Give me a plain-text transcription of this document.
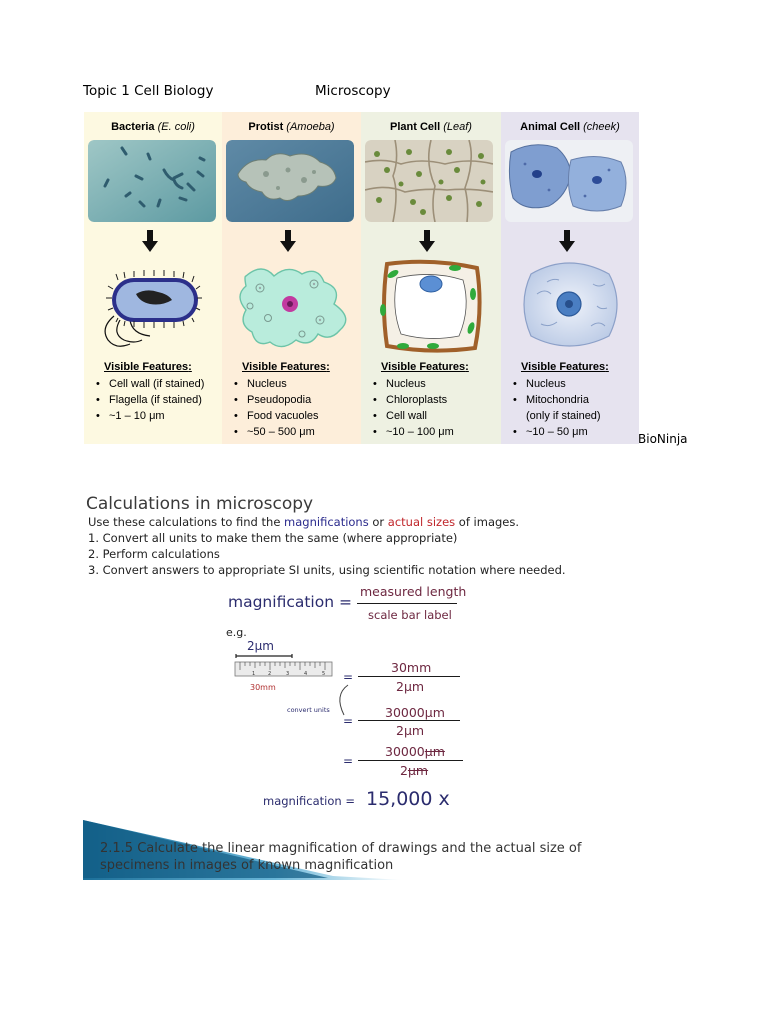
Topic 1 Cell Biology	Microscopy
Bacteria (E. coli)
Visible Features:
• Cell wall (if stained)
• Flagella (if stained)
• ~1 – 10 μm
Protist (Amoeba)
Visible Features:
• Nucleus
• Pseudopodia
• Food vacuoles
• ~50 – 500 μm
Plant Cell (Leaf)
Visible Features:
• Nucleus
• Chloroplasts
• Cell wall
• ~10 – 100 μm
Animal Cell (cheek)
Visible Features:
• Nucleus
• Mitochondria
(only if stained)
• ~10 – 50 μm	BioNinja
Calculations in microscopy
Use these calculations to find the magnifications or actual sizes of images.
1. Convert all units to make them the same (where appropriate)
2. Perform calculations
3. Convert answers to appropriate SI units, using scientific notation where needed.
magnification =
measured length
scale bar label
e.g.
2μm
1	2	3	4	5
30mm
=
30mm
2μm
convert units
=
30000μm
2μm
=
30000μm
2μm
magnification = 15,000 x
2.1.5 Calculate the linear magnification of drawings and the actual size of
specimens in images of known magnification
